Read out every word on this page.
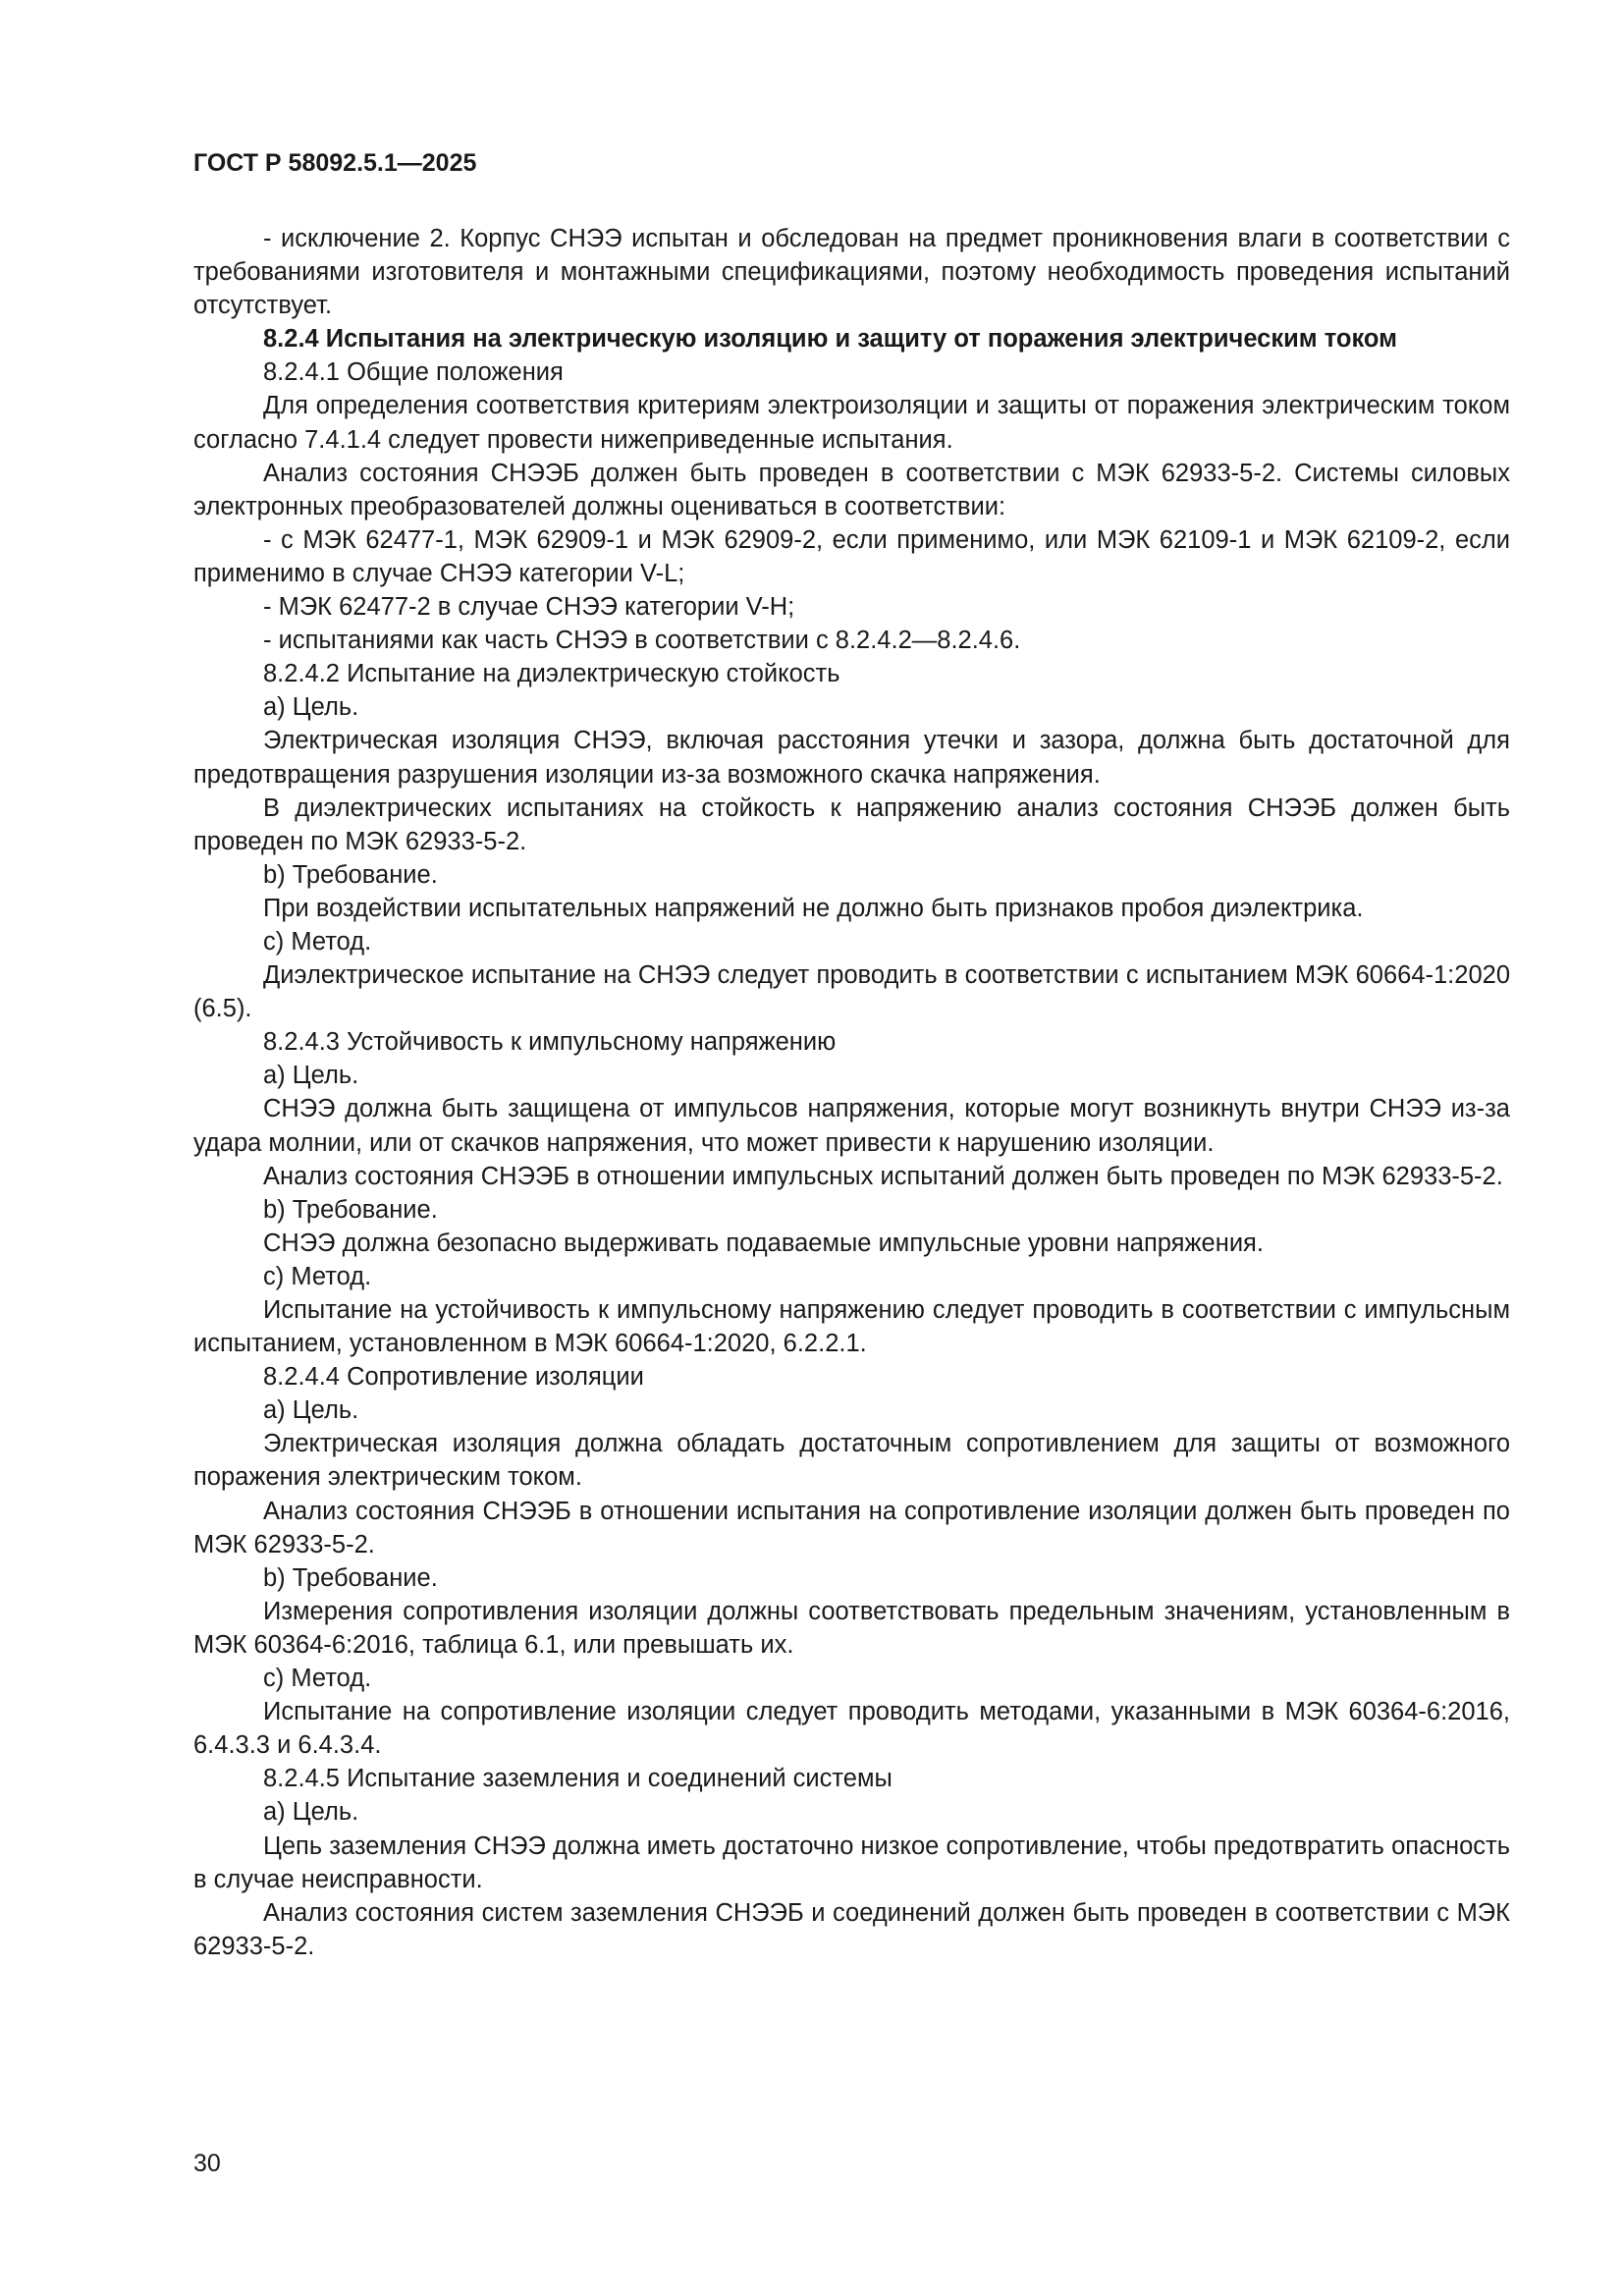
ГОСТ Р 58092.5.1—2025

- исключение 2. Корпус СНЭЭ испытан и обследован на предмет проникновения влаги в соответствии с требованиями изготовителя и монтажными спецификациями, поэтому необходимость проведения испытаний отсутствует.

8.2.4 Испытания на электрическую изоляцию и защиту от поражения электрическим током

8.2.4.1 Общие положения

Для определения соответствия критериям электроизоляции и защиты от поражения электрическим током согласно 7.4.1.4 следует провести нижеприведенные испытания.

Анализ состояния СНЭЭБ должен быть проведен в соответствии с МЭК 62933-5-2. Системы силовых электронных преобразователей должны оцениваться в соответствии:

- с МЭК 62477-1, МЭК 62909-1 и МЭК 62909-2, если применимо, или МЭК 62109-1 и МЭК 62109-2, если применимо в случае СНЭЭ категории V-L;

- МЭК 62477-2 в случае СНЭЭ категории V-H;

- испытаниями как часть СНЭЭ в соответствии с 8.2.4.2—8.2.4.6.

8.2.4.2 Испытание на диэлектрическую стойкость

a) Цель.

Электрическая изоляция СНЭЭ, включая расстояния утечки и зазора, должна быть достаточной для предотвращения разрушения изоляции из-за возможного скачка напряжения.

В диэлектрических испытаниях на стойкость к напряжению анализ состояния СНЭЭБ должен быть проведен по МЭК 62933-5-2.

b) Требование.

При воздействии испытательных напряжений не должно быть признаков пробоя диэлектрика.

c) Метод.

Диэлектрическое испытание на СНЭЭ следует проводить в соответствии с испытанием МЭК 60664-1:2020 (6.5).

8.2.4.3 Устойчивость к импульсному напряжению

a) Цель.

СНЭЭ должна быть защищена от импульсов напряжения, которые могут возникнуть внутри СНЭЭ из-за удара молнии, или от скачков напряжения, что может привести к нарушению изоляции.

Анализ состояния СНЭЭБ в отношении импульсных испытаний должен быть проведен по МЭК 62933-5-2.

b) Требование.

СНЭЭ должна безопасно выдерживать подаваемые импульсные уровни напряжения.

c) Метод.

Испытание на устойчивость к импульсному напряжению следует проводить в соответствии с импульсным испытанием, установленном в МЭК 60664-1:2020, 6.2.2.1.

8.2.4.4 Сопротивление изоляции

a) Цель.

Электрическая изоляция должна обладать достаточным сопротивлением для защиты от возможного поражения электрическим током.

Анализ состояния СНЭЭБ в отношении испытания на сопротивление изоляции должен быть проведен по МЭК 62933-5-2.

b) Требование.

Измерения сопротивления изоляции должны соответствовать предельным значениям, установленным в МЭК 60364-6:2016, таблица 6.1, или превышать их.

c) Метод.

Испытание на сопротивление изоляции следует проводить методами, указанными в МЭК 60364-6:2016, 6.4.3.3 и 6.4.3.4.

8.2.4.5 Испытание заземления и соединений системы

a) Цель.

Цепь заземления СНЭЭ должна иметь достаточно низкое сопротивление, чтобы предотвратить опасность в случае неисправности.

Анализ состояния систем заземления СНЭЭБ и соединений должен быть проведен в соответствии с МЭК 62933-5-2.

30
